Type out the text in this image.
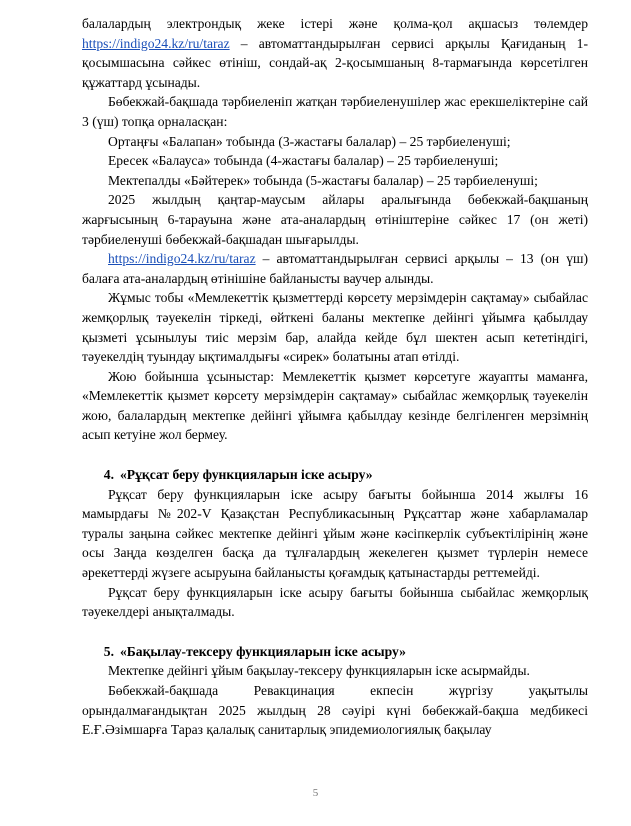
балалардың электрондық жеке істері және қолма-қол ақшасыз төлемдер https://indigo24.kz/ru/taraz – автоматтандырылған сервисі арқылы Қағиданың 1-қосымшасына сәйкес өтініш, сондай-ақ 2-қосымшаның 8-тармағында көрсетілген құжаттард ұсынады.

Бөбекжай-бақшада тәрбиеленіп жатқан тәрбиеленушілер жас ерекшеліктеріне сай 3 (үш) топқа орналасқан:

Ортаңғы «Балапан» тобында (3-жастағы балалар) – 25 тәрбиеленуші;

Ересек «Балауса» тобында (4-жастағы балалар) – 25 тәрбиеленуші;

Мектепалды «Бәйтерек» тобында (5-жастағы балалар) – 25 тәрбиеленуші;

2025 жылдың қаңтар-маусым айлары аралығында бөбекжай-бақшаның жарғысының 6-тарауына және ата-аналардың өтініштеріне сәйкес 17 (он жеті) тәрбиеленуші бөбекжай-бақшадан шығарылды.

https://indigo24.kz/ru/taraz – автоматтандырылған сервисі арқылы – 13 (он үш) балаға ата-аналардың өтінішіне байланысты ваучер алынды.

Жұмыс тобы «Мемлекеттік қызметтерді көрсету мерзімдерін сақтамау» сыбайлас жемқорлық тәуекелін тіркеді, өйткені баланы мектепке дейінгі ұйымға қабылдау қызметі ұсынылуы тиіс мерзім бар, алайда кейде бұл шектен асып кететіндігі, тәуекелдің туындау ықтималдығы «сирек» болатыны атап өтілді.

Жою бойынша ұсыныстар: Мемлекеттік қызмет көрсетуге жауапты маманға, «Мемлекеттік қызмет көрсету мерзімдерін сақтамау» сыбайлас жемқорлық тәуекелін жою, балалардың мектепке дейінгі ұйымға қабылдау кезінде белгіленген мерзімнің асып кетуіне жол бермеу.

4. «Рұқсат беру функцияларын іске асыру»

Рұқсат беру функцияларын іске асыру бағыты бойынша 2014 жылғы 16 мамырдағы №202-V Қазақстан Республикасының Рұқсаттар және хабарламалар туралы заңына сәйкес мектепке дейінгі ұйым және кәсіпкерлік субъектілірінің және осы Заңда көзделген басқа да тұлғалардың жекелеген қызмет түрлерін немесе әрекеттерді жүзеге асыруына байланысты қоғамдық қатынастарды реттемейді.

Рұқсат беру функцияларын іске асыру бағыты бойынша сыбайлас жемқорлық тәуекелдері анықталмады.

5. «Бақылау-тексеру функцияларын іске асыру»

Мектепке дейінгі ұйым бақылау-тексеру функцияларын іске асырмайды.

Бөбекжай-бақшада Ревакцинация екпесін жүргізу уақытылы орындалмағандықтан 2025 жылдың 28 сәуірі күні бөбекжай-бақша медбикесі Е.Ғ.Әзімшарға Тараз қалалық санитарлық эпидемиологиялық бақылау

5
